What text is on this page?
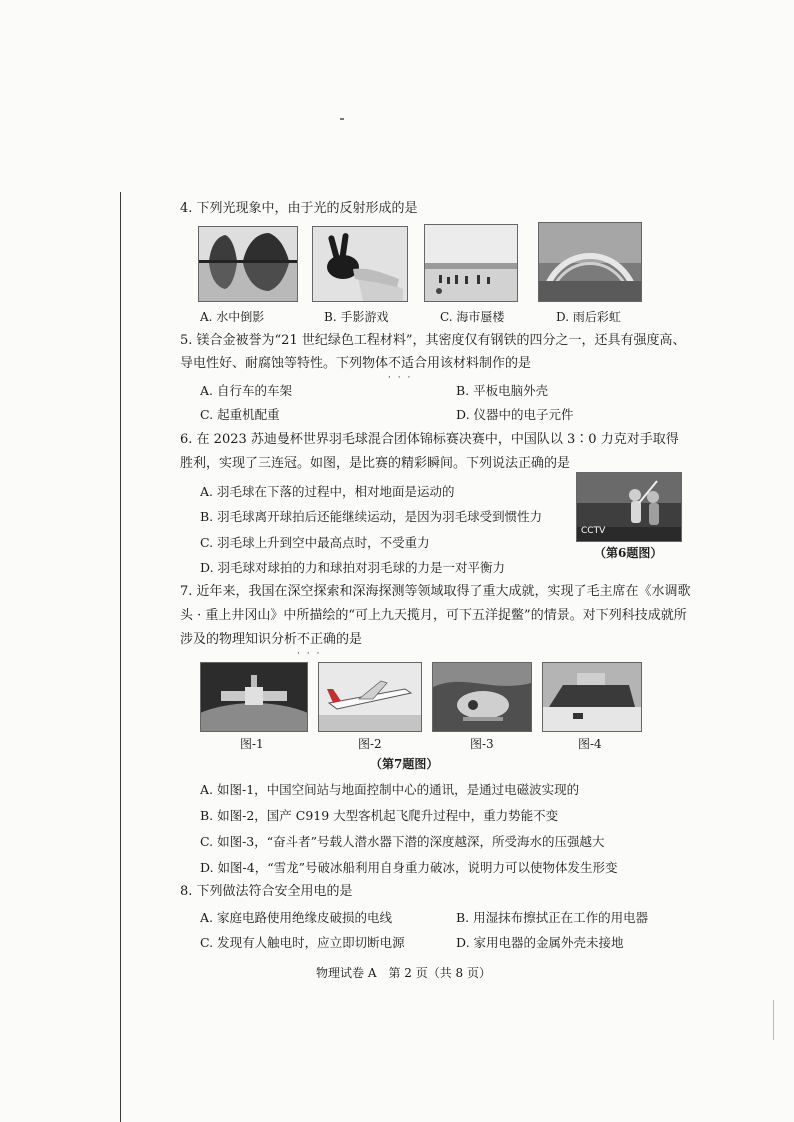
4. 下列光现象中，由于光的反射形成的是
A. 水中倒影	B. 手影游戏	C. 海市蜃楼	D. 雨后彩虹
5. 镁合金被誉为“21 世纪绿色工程材料”，其密度仅有钢铁的四分之一，还具有强度高、
导电性好、耐腐蚀等特性。下列物体不适合 · · ·用该材料制作的是
A. 自行车的车架	B. 平板电脑外壳
C. 起重机配重	D. 仪器中的电子元件
6. 在 2023 苏迪曼杯世界羽毛球混合团体锦标赛决赛中，中国队以 3∶0 力克对手取得
胜利，实现了三连冠。如图，是比赛的精彩瞬间。下列说法正确的是
A. 羽毛球在下落的过程中，相对地面是运动的
B. 羽毛球离开球拍后还能继续运动，是因为羽毛球受到惯性力
C. 羽毛球上升到空中最高点时，不受重力
D. 羽毛球对球拍的力和球拍对羽毛球的力是一对平衡力
CCTV
（第6题图）
7. 近年来，我国在深空探索和深海探测等领域取得了重大成就，实现了毛主席在《水调歌
头 · 重上井冈山》中所描绘的“可上九天揽月，可下五洋捉鳖”的情景。对下列科技成就所
涉及的物理知识分析不正确 · · ·的是
图-1	图-2	图-3	图-4
（第7题图）
A. 如图-1，中国空间站与地面控制中心的通讯，是通过电磁波实现的
B. 如图-2，国产 C919 大型客机起飞爬升过程中，重力势能不变
C. 如图-3，“奋斗者”号载人潜水器下潜的深度越深，所受海水的压强越大
D. 如图-4，“雪龙”号破冰船利用自身重力破冰，说明力可以使物体发生形变
8. 下列做法符合安全用电的是
A. 家庭电路使用绝缘皮破损的电线	B. 用湿抹布擦拭正在工作的用电器
C. 发现有人触电时，应立即切断电源	D. 家用电器的金属外壳未接地
物理试卷 A　第 2 页（共 8 页）
